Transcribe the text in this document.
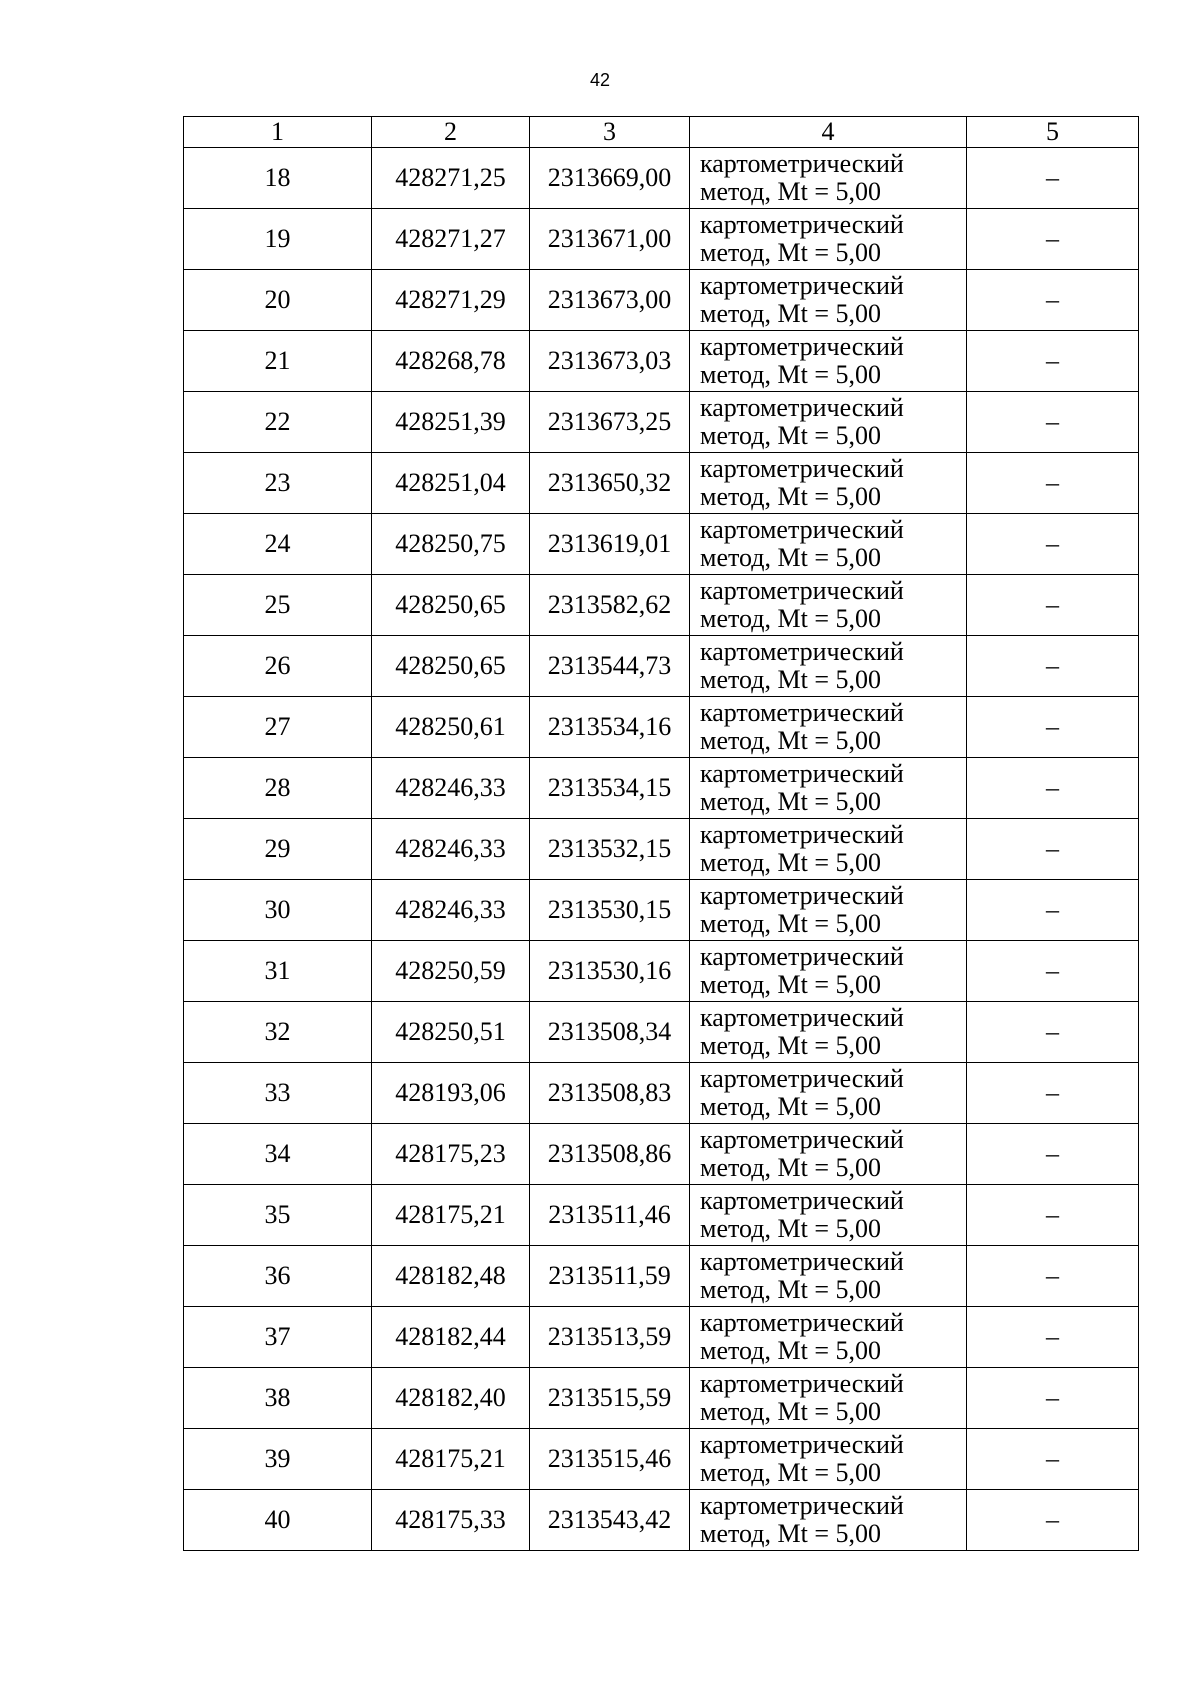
42
1	2	3	4	5
18	428271,25	2313669,00	картометрический
метод, Mt = 5,00	–
19	428271,27	2313671,00	картометрический
метод, Mt = 5,00	–
20	428271,29	2313673,00	картометрический
метод, Mt = 5,00	–
21	428268,78	2313673,03	картометрический
метод, Mt = 5,00	–
22	428251,39	2313673,25	картометрический
метод, Mt = 5,00	–
23	428251,04	2313650,32	картометрический
метод, Mt = 5,00	–
24	428250,75	2313619,01	картометрический
метод, Mt = 5,00	–
25	428250,65	2313582,62	картометрический
метод, Mt = 5,00	–
26	428250,65	2313544,73	картометрический
метод, Mt = 5,00	–
27	428250,61	2313534,16	картометрический
метод, Mt = 5,00	–
28	428246,33	2313534,15	картометрический
метод, Mt = 5,00	–
29	428246,33	2313532,15	картометрический
метод, Mt = 5,00	–
30	428246,33	2313530,15	картометрический
метод, Mt = 5,00	–
31	428250,59	2313530,16	картометрический
метод, Mt = 5,00	–
32	428250,51	2313508,34	картометрический
метод, Mt = 5,00	–
33	428193,06	2313508,83	картометрический
метод, Mt = 5,00	–
34	428175,23	2313508,86	картометрический
метод, Mt = 5,00	–
35	428175,21	2313511,46	картометрический
метод, Mt = 5,00	–
36	428182,48	2313511,59	картометрический
метод, Mt = 5,00	–
37	428182,44	2313513,59	картометрический
метод, Mt = 5,00	–
38	428182,40	2313515,59	картометрический
метод, Mt = 5,00	–
39	428175,21	2313515,46	картометрический
метод, Mt = 5,00	–
40	428175,33	2313543,42	картометрический
метод, Mt = 5,00	–
